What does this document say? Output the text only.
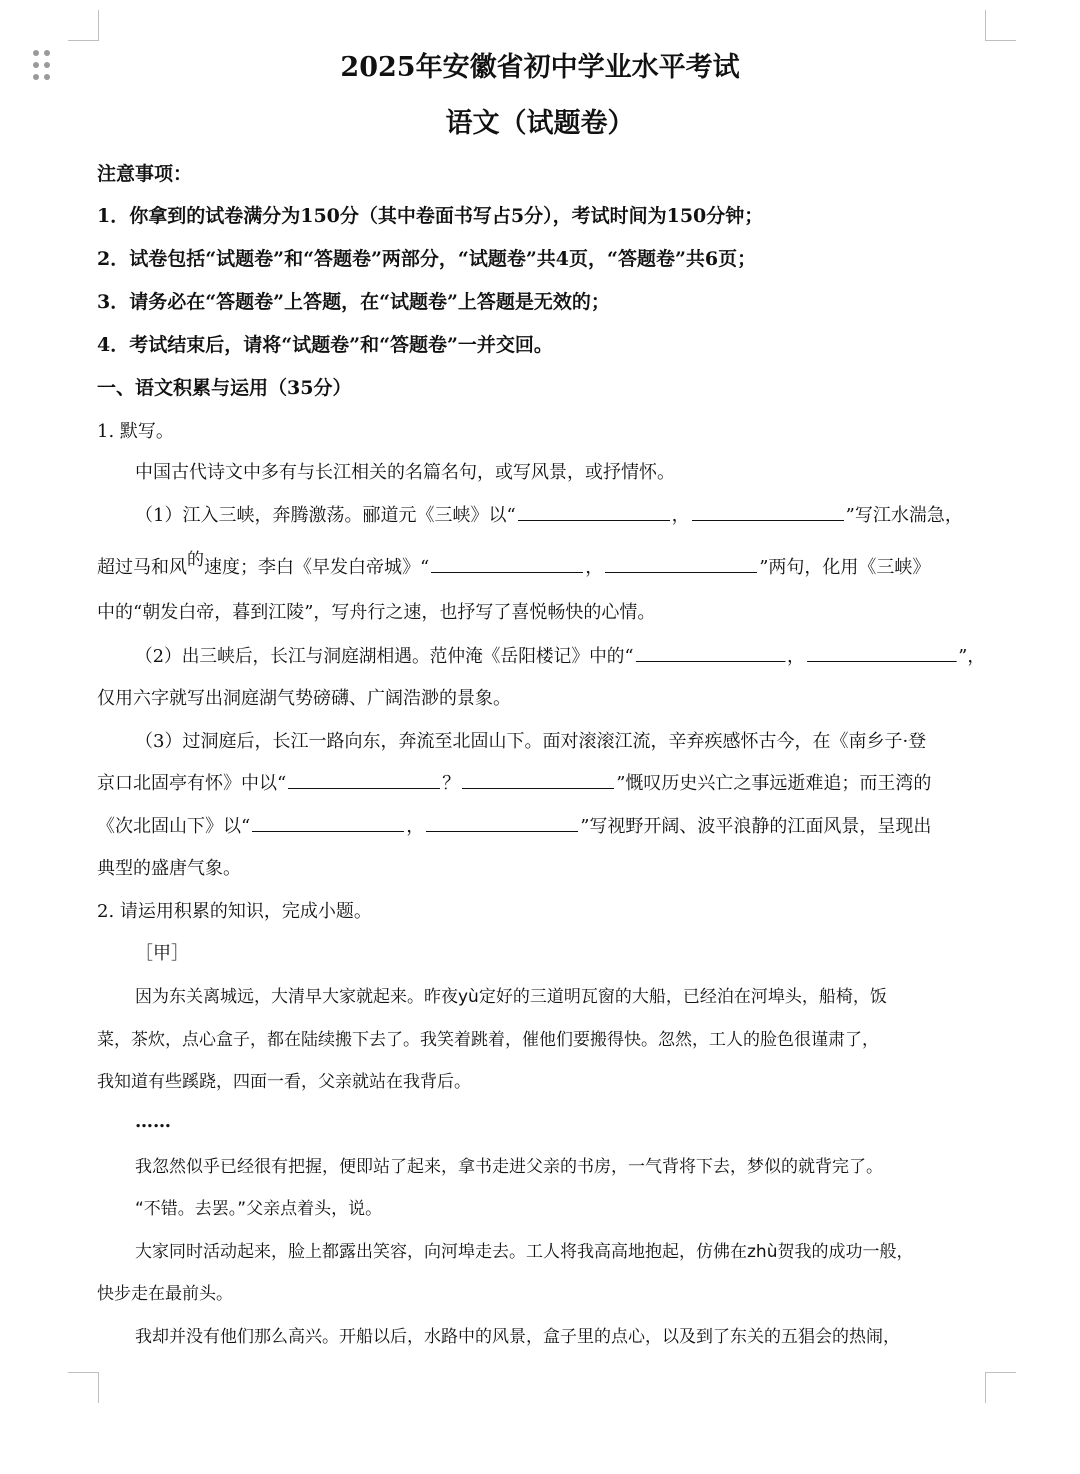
2025年安徽省初中学业水平考试
语文（试题卷）
注意事项：
1．你拿到的试卷满分为150分（其中卷面书写占5分），考试时间为150分钟；
2．试卷包括“试题卷”和“答题卷”两部分，“试题卷”共4页，“答题卷”共6页；
3．请务必在“答题卷”上答题，在“试题卷”上答题是无效的；
4．考试结束后，请将“试题卷”和“答题卷”一并交回。
一、语文积累与运用（35分）
1. 默写。
中国古代诗文中多有与长江相关的名篇名句，或写风景，或抒情怀。
（1）江入三峡，奔腾激荡。郦道元《三峡》以“	，	”写江水湍急，
超过马和风的速度；李白《早发白帝城》“	，	”两句，化用《三峡》
中的“朝发白帝，暮到江陵”，写舟行之速，也抒写了喜悦畅快的心情。
（2）出三峡后，长江与洞庭湖相遇。范仲淹《岳阳楼记》中的“	，	”，
仅用六字就写出洞庭湖气势磅礴、广阔浩渺的景象。
（3）过洞庭后，长江一路向东，奔流至北固山下。面对滚滚江流，辛弃疾感怀古今，在《南乡子·登
京口北固亭有怀》中以“	？	”慨叹历史兴亡之事远逝难追；而王湾的
《次北固山下》以“	，	”写视野开阔、波平浪静的江面风景，呈现出
典型的盛唐气象。
2. 请运用积累的知识，完成小题。
［甲］
因为东关离城远，大清早大家就起来。昨夜yù定好的三道明瓦窗的大船，已经泊在河埠头，船椅，饭
菜，茶炊，点心盒子，都在陆续搬下去了。我笑着跳着，催他们要搬得快。忽然，工人的脸色很谨肃了，
我知道有些蹊跷，四面一看，父亲就站在我背后。
……
我忽然似乎已经很有把握，便即站了起来，拿书走进父亲的书房，一气背将下去，梦似的就背完了。
“不错。去罢。”父亲点着头，说。
大家同时活动起来，脸上都露出笑容，向河埠走去。工人将我高高地抱起，仿佛在zhù贺我的成功一般，
快步走在最前头。
我却并没有他们那么高兴。开船以后，水路中的风景，盒子里的点心，以及到了东关的五猖会的热闹，
